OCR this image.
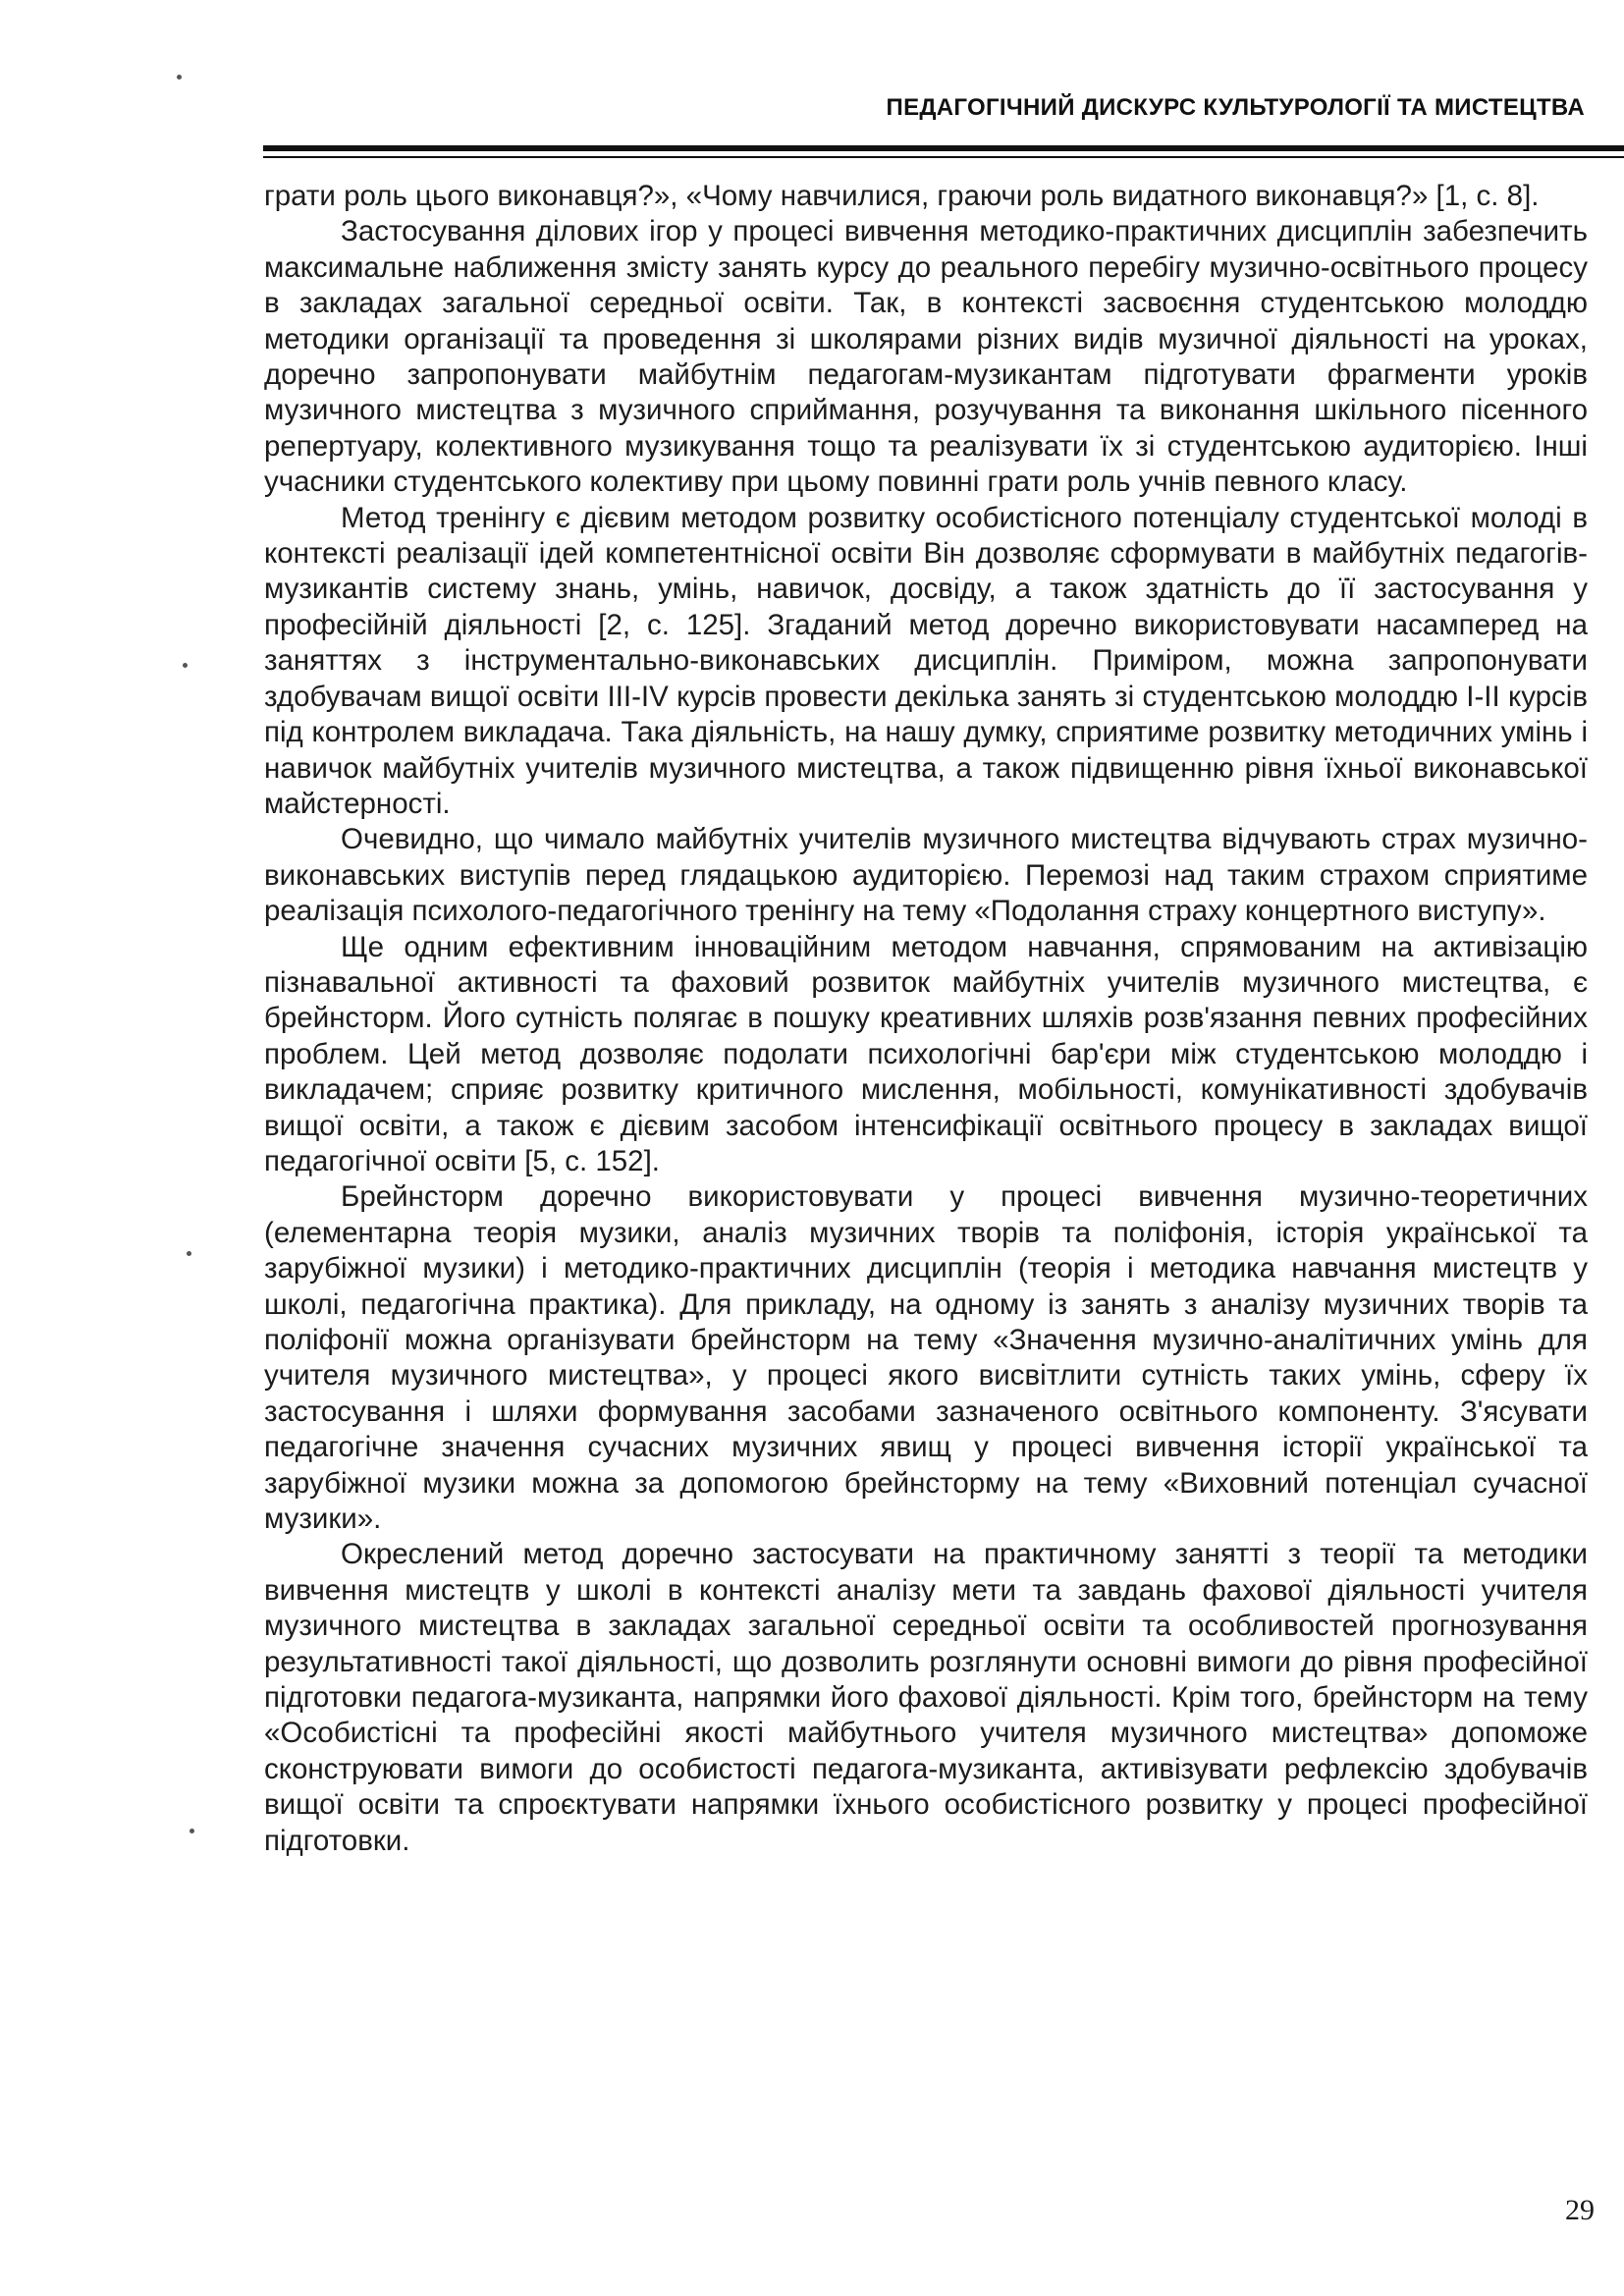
ПЕДАГОГІЧНИЙ ДИСКУРС КУЛЬТУРОЛОГІЇ ТА МИСТЕЦТВА

грати роль цього виконавця?», «Чому навчилися, граючи роль видатного виконавця?» [1, с. 8].

Застосування ділових ігор у процесі вивчення методико-практичних дисциплін забезпечить максимальне наближення змісту занять курсу до реального перебігу музично-освітнього процесу в закладах загальної середньої освіти. Так, в контексті засвоєння студентською молоддю методики організації та проведення зі школярами різних видів музичної діяльності на уроках, доречно запропонувати майбутнім педагогам-музикантам підготувати фрагменти уроків музичного мистецтва з музичного сприймання, розучування та виконання шкільного пісенного репертуару, колективного музикування тощо та реалізувати їх зі студентською аудиторією. Інші учасники студентського колективу при цьому повинні грати роль учнів певного класу.

Метод тренінгу є дієвим методом розвитку особистісного потенціалу студентської молоді в контексті реалізації ідей компетентнісної освіти Він дозволяє сформувати в майбутніх педагогів-музикантів систему знань, умінь, навичок, досвіду, а також здатність до її застосування у професійній діяльності [2, с. 125]. Згаданий метод доречно використовувати насамперед на заняттях з інструментально-виконавських дисциплін. Приміром, можна запропонувати здобувачам вищої освіти III-IV курсів провести декілька занять зі студентською молоддю I-II курсів під контролем викладача. Така діяльність, на нашу думку, сприятиме розвитку методичних умінь і навичок майбутніх учителів музичного мистецтва, а також підвищенню рівня їхньої виконавської майстерності.

Очевидно, що чимало майбутніх учителів музичного мистецтва відчувають страх музично-виконавських виступів перед глядацькою аудиторією. Перемозі над таким страхом сприятиме реалізація психолого-педагогічного тренінгу на тему «Подолання страху концертного виступу».

Ще одним ефективним інноваційним методом навчання, спрямованим на активізацію пізнавальної активності та фаховий розвиток майбутніх учителів музичного мистецтва, є брейнсторм. Його сутність полягає в пошуку креативних шляхів розв'язання певних професійних проблем. Цей метод дозволяє подолати психологічні бар'єри між студентською молоддю і викладачем; сприяє розвитку критичного мислення, мобільності, комунікативності здобувачів вищої освіти, а також є дієвим засобом інтенсифікації освітнього процесу в закладах вищої педагогічної освіти [5, с. 152].

Брейнсторм доречно використовувати у процесі вивчення музично-теоретичних (елементарна теорія музики, аналіз музичних творів та поліфонія, історія української та зарубіжної музики) і методико-практичних дисциплін (теорія і методика навчання мистецтв у школі, педагогічна практика). Для прикладу, на одному із занять з аналізу музичних творів та поліфонії можна організувати брейнсторм на тему «Значення музично-аналітичних умінь для учителя музичного мистецтва», у процесі якого висвітлити сутність таких умінь, сферу їх застосування і шляхи формування засобами зазначеного освітнього компоненту. З'ясувати педагогічне значення сучасних музичних явищ у процесі вивчення історії української та зарубіжної музики можна за допомогою брейнсторму на тему «Виховний потенціал сучасної музики».

Окреслений метод доречно застосувати на практичному занятті з теорії та методики вивчення мистецтв у школі в контексті аналізу мети та завдань фахової діяльності учителя музичного мистецтва в закладах загальної середньої освіти та особливостей прогнозування результативності такої діяльності, що дозволить розглянути основні вимоги до рівня професійної підготовки педагога-музиканта, напрямки його фахової діяльності. Крім того, брейнсторм на тему «Особистісні та професійні якості майбутнього учителя музичного мистецтва» допоможе сконструювати вимоги до особистості педагога-музиканта, активізувати рефлексію здобувачів вищої освіти та спроєктувати напрямки їхнього особистісного розвитку у процесі професійної підготовки.

29
